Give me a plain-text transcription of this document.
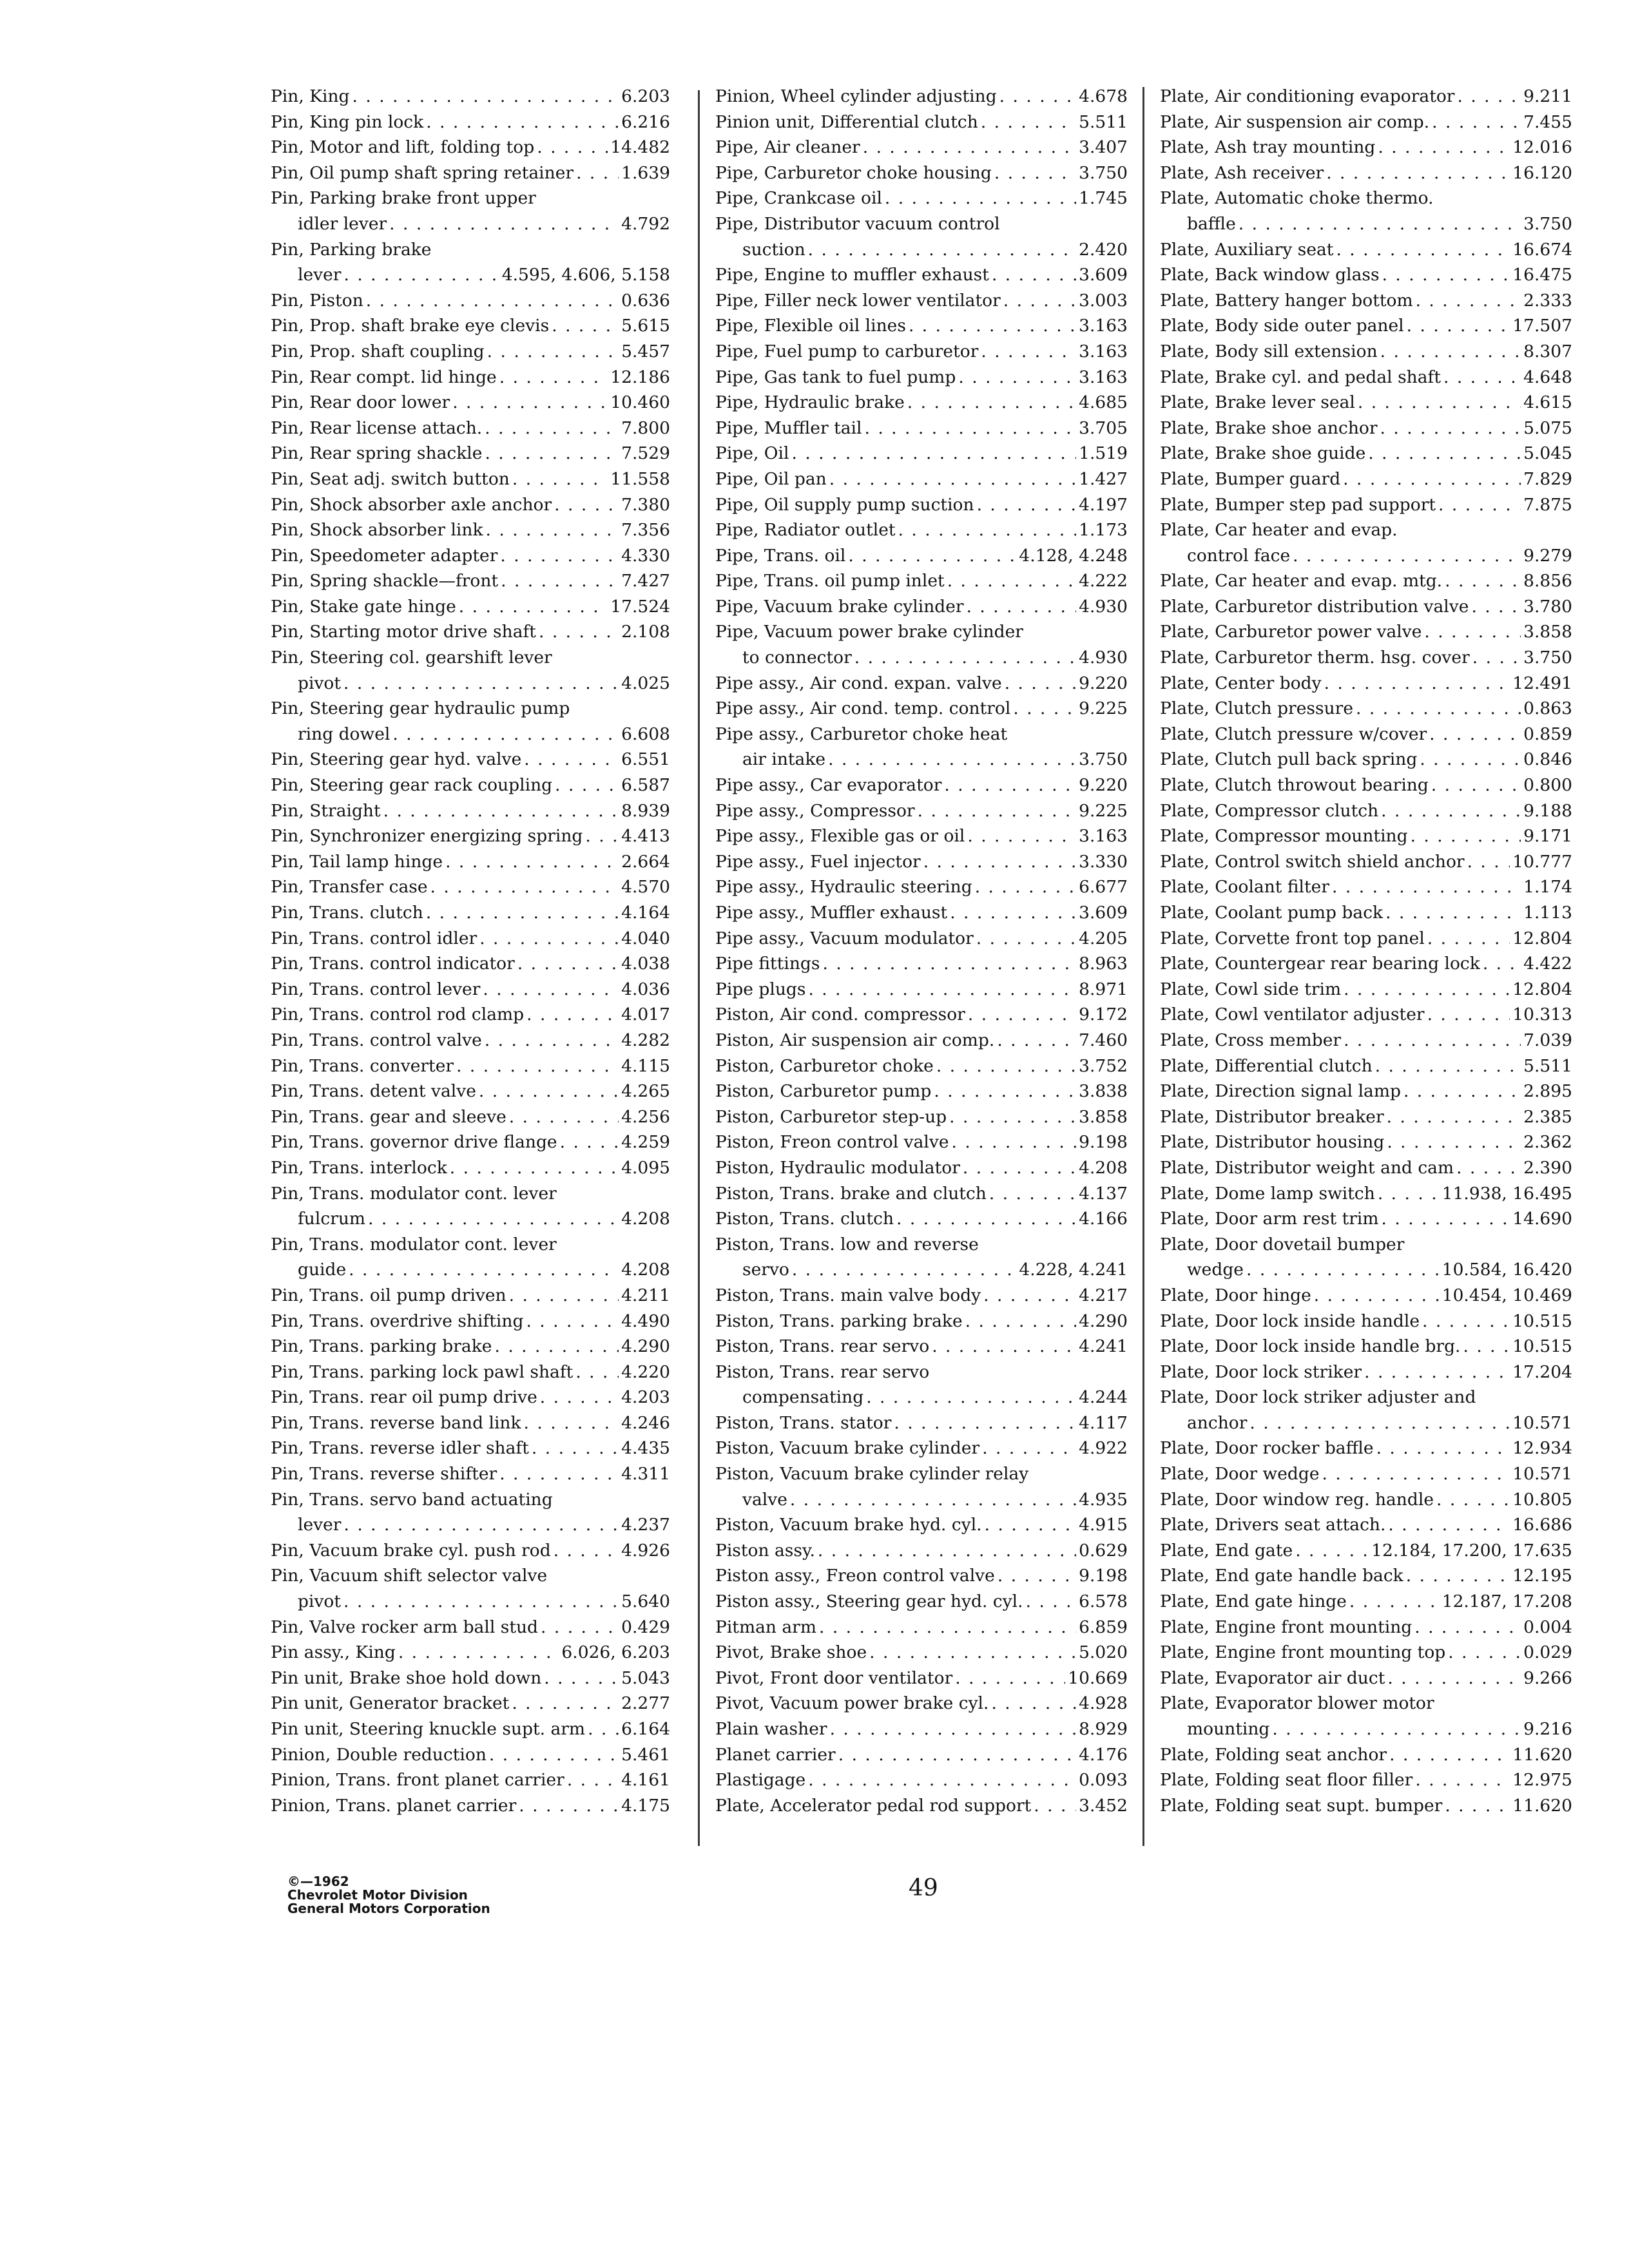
Pin, King . . .	6.203
Pin, King pin lock . . .	6.216
Pin, Motor and lift, folding top . . .	14.482
Pin, Oil pump shaft spring retainer . . .	1.639
Pin, Parking brake front upper
idler lever . . .	4.792
Pin, Parking brake
lever . . .	4.595, 4.606, 5.158
Pin, Piston . . .	0.636
Pin, Prop. shaft brake eye clevis . . .	5.615
Pin, Prop. shaft coupling . . .	5.457
Pin, Rear compt. lid hinge . . .	12.186
Pin, Rear door lower . . .	10.460
Pin, Rear license attach. . . .	7.800
Pin, Rear spring shackle . . .	7.529
Pin, Seat adj. switch button . . .	11.558
Pin, Shock absorber axle anchor . . .	7.380
Pin, Shock absorber link . . .	7.356
Pin, Speedometer adapter . . .	4.330
Pin, Spring shackle—front . . .	7.427
Pin, Stake gate hinge . . .	17.524
Pin, Starting motor drive shaft . . .	2.108
Pin, Steering col. gearshift lever
pivot . . .	4.025
Pin, Steering gear hydraulic pump
ring dowel . . .	6.608
Pin, Steering gear hyd. valve . . .	6.551
Pin, Steering gear rack coupling . . .	6.587
Pin, Straight . . .	8.939
Pin, Synchronizer energizing spring . . . 4.413
Pin, Tail lamp hinge . . .	2.664
Pin, Transfer case . . .	4.570
Pin, Trans. clutch . . .	4.164
Pin, Trans. control idler . . .	4.040
Pin, Trans. control indicator . . .	4.038
Pin, Trans. control lever . . .	4.036
Pin, Trans. control rod clamp . . .	4.017
Pin, Trans. control valve . . .	4.282
Pin, Trans. converter . . .	4.115
Pin, Trans. detent valve . . .	4.265
Pin, Trans. gear and sleeve . . .	4.256
Pin, Trans. governor drive flange . . .	4.259
Pin, Trans. interlock . . .	4.095
Pin, Trans. modulator cont. lever
fulcrum . . .	4.208
Pin, Trans. modulator cont. lever
guide . . .	4.208
Pin, Trans. oil pump driven . . .	4.211
Pin, Trans. overdrive shifting . . .	4.490
Pin, Trans. parking brake . . .	4.290
Pin, Trans. parking lock pawl shaft . . .	4.220
Pin, Trans. rear oil pump drive . . .	4.203
Pin, Trans. reverse band link . . .	4.246
Pin, Trans. reverse idler shaft . . .	4.435
Pin, Trans. reverse shifter . . .	4.311
Pin, Trans. servo band actuating
lever . . .	4.237
Pin, Vacuum brake cyl. push rod . . .	4.926
Pin, Vacuum shift selector valve
pivot . . .	5.640
Pin, Valve rocker arm ball stud . . .	0.429
Pin assy., King . . .	6.026, 6.203
Pin unit, Brake shoe hold down . . .	5.043
Pin unit, Generator bracket . . .	2.277
Pin unit, Steering knuckle supt. arm . . . 6.164
Pinion, Double reduction . . .	5.461
Pinion, Trans. front planet carrier . . .	4.161
Pinion, Trans. planet carrier . . .	4.175
Pinion, Wheel cylinder adjusting . . .	4.678
Pinion unit, Differential clutch . . .	5.511
Pipe, Air cleaner . . .	3.407
Pipe, Carburetor choke housing . . .	3.750
Pipe, Crankcase oil . . .	1.745
Pipe, Distributor vacuum control
suction . . .	2.420
Pipe, Engine to muffler exhaust . . .	3.609
Pipe, Filler neck lower ventilator . . .	3.003
Pipe, Flexible oil lines . . .	3.163
Pipe, Fuel pump to carburetor . . .	3.163
Pipe, Gas tank to fuel pump . . .	3.163
Pipe, Hydraulic brake . . .	4.685
Pipe, Muffler tail . . .	3.705
Pipe, Oil . . .	1.519
Pipe, Oil pan . . .	1.427
Pipe, Oil supply pump suction . . .	4.197
Pipe, Radiator outlet . . .	1.173
Pipe, Trans. oil . . .	4.128, 4.248
Pipe, Trans. oil pump inlet . . .	4.222
Pipe, Vacuum brake cylinder . . .	4.930
Pipe, Vacuum power brake cylinder
to connector . . .	4.930
Pipe assy., Air cond. expan. valve . . .	9.220
Pipe assy., Air cond. temp. control . . .	9.225
Pipe assy., Carburetor choke heat
air intake . . .	3.750
Pipe assy., Car evaporator . . .	9.220
Pipe assy., Compressor . . .	9.225
Pipe assy., Flexible gas or oil . . .	3.163
Pipe assy., Fuel injector . . .	3.330
Pipe assy., Hydraulic steering . . .	6.677
Pipe assy., Muffler exhaust . . .	3.609
Pipe assy., Vacuum modulator . . .	4.205
Pipe fittings . . .	8.963
Pipe plugs . . .	8.971
Piston, Air cond. compressor . . .	9.172
Piston, Air suspension air comp. . . .	7.460
Piston, Carburetor choke . . .	3.752
Piston, Carburetor pump . . .	3.838
Piston, Carburetor step-up . . .	3.858
Piston, Freon control valve . . .	9.198
Piston, Hydraulic modulator . . .	4.208
Piston, Trans. brake and clutch . . .	4.137
Piston, Trans. clutch . . .	4.166
Piston, Trans. low and reverse
servo . . .	4.228, 4.241
Piston, Trans. main valve body . . .	4.217
Piston, Trans. parking brake . . .	4.290
Piston, Trans. rear servo . . .	4.241
Piston, Trans. rear servo
compensating . . .	4.244
Piston, Trans. stator . . .	4.117
Piston, Vacuum brake cylinder . . .	4.922
Piston, Vacuum brake cylinder relay
valve . . .	4.935
Piston, Vacuum brake hyd. cyl. . . .	4.915
Piston assy. . . .	0.629
Piston assy., Freon control valve . . .	9.198
Piston assy., Steering gear hyd. cyl. . . .	6.578
Pitman arm . . .	6.859
Pivot, Brake shoe . . .	5.020
Pivot, Front door ventilator . . .	10.669
Pivot, Vacuum power brake cyl. . . .	4.928
Plain washer . . .	8.929
Planet carrier . . .	4.176
Plastigage . . .	0.093
Plate, Accelerator pedal rod support . . .	3.452
Plate, Air conditioning evaporator . . .	9.211
Plate, Air suspension air comp. . . .	7.455
Plate, Ash tray mounting . . .	12.016
Plate, Ash receiver . . .	16.120
Plate, Automatic choke thermo.
baffle . . .	3.750
Plate, Auxiliary seat . . .	16.674
Plate, Back window glass . . .	16.475
Plate, Battery hanger bottom . . .	2.333
Plate, Body side outer panel . . .	17.507
Plate, Body sill extension . . .	8.307
Plate, Brake cyl. and pedal shaft . . .	4.648
Plate, Brake lever seal . . .	4.615
Plate, Brake shoe anchor . . .	5.075
Plate, Brake shoe guide . . .	5.045
Plate, Bumper guard . . .	7.829
Plate, Bumper step pad support . . .	7.875
Plate, Car heater and evap.
control face . . .	9.279
Plate, Car heater and evap. mtg. . . .	8.856
Plate, Carburetor distribution valve . . .	3.780
Plate, Carburetor power valve . . .	3.858
Plate, Carburetor therm. hsg. cover . . .	3.750
Plate, Center body . . .	12.491
Plate, Clutch pressure . . .	0.863
Plate, Clutch pressure w/cover . . .	0.859
Plate, Clutch pull back spring . . .	0.846
Plate, Clutch throwout bearing . . .	0.800
Plate, Compressor clutch . . .	9.188
Plate, Compressor mounting . . .	9.171
Plate, Control switch shield anchor . . .	10.777
Plate, Coolant filter . . .	1.174
Plate, Coolant pump back . . .	1.113
Plate, Corvette front top panel . . .	12.804
Plate, Countergear rear bearing lock . . .	4.422
Plate, Cowl side trim . . .	12.804
Plate, Cowl ventilator adjuster . . .	10.313
Plate, Cross member . . .	7.039
Plate, Differential clutch . . .	5.511
Plate, Direction signal lamp . . .	2.895
Plate, Distributor breaker . . .	2.385
Plate, Distributor housing . . .	2.362
Plate, Distributor weight and cam . . .	2.390
Plate, Dome lamp switch . . .	11.938, 16.495
Plate, Door arm rest trim . . .	14.690
Plate, Door dovetail bumper
wedge . . .	10.584, 16.420
Plate, Door hinge . . .	10.454, 10.469
Plate, Door lock inside handle . . .	10.515
Plate, Door lock inside handle brg. . . .	10.515
Plate, Door lock striker . . .	17.204
Plate, Door lock striker adjuster and
anchor . . .	10.571
Plate, Door rocker baffle . . .	12.934
Plate, Door wedge . . .	10.571
Plate, Door window reg. handle . . .	10.805
Plate, Drivers seat attach. . . .	16.686
Plate, End gate . . .	12.184, 17.200, 17.635
Plate, End gate handle back . . .	12.195
Plate, End gate hinge . . .	12.187, 17.208
Plate, Engine front mounting . . .	0.004
Plate, Engine front mounting top . . .	0.029
Plate, Evaporator air duct . . .	9.266
Plate, Evaporator blower motor
mounting . . .	9.216
Plate, Folding seat anchor . . .	11.620
Plate, Folding seat floor filler . . .	12.975
Plate, Folding seat supt. bumper . . .	11.620
©—1962
Chevrolet Motor Division
General Motors Corporation
49
